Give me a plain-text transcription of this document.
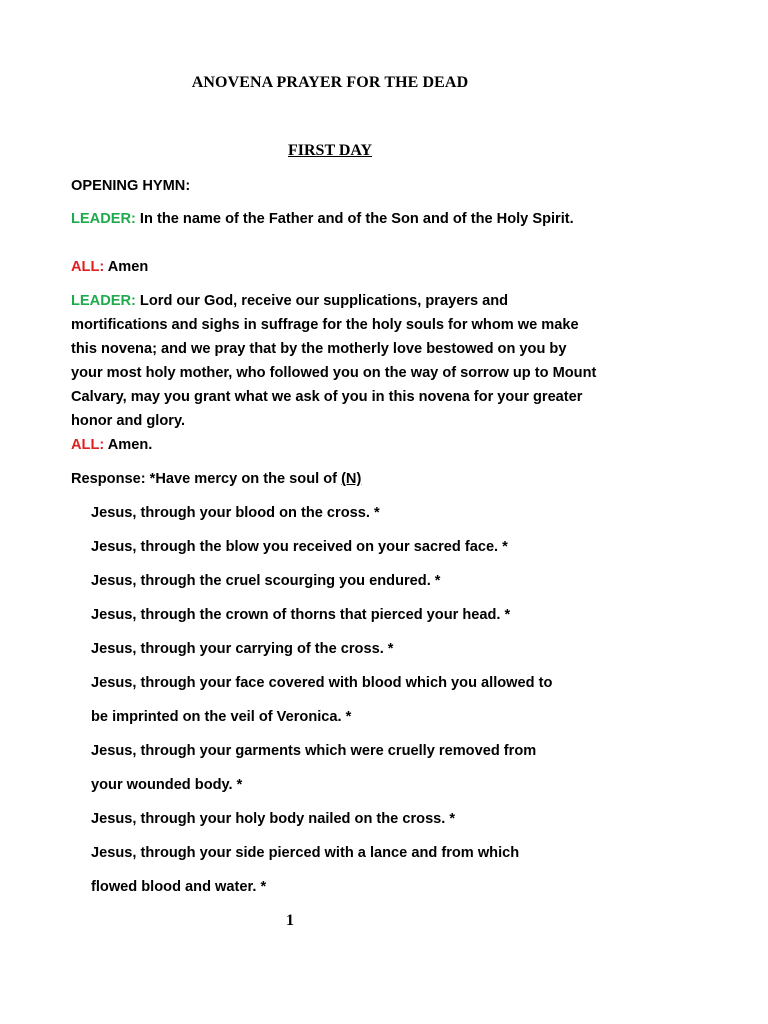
ANOVENA PRAYER FOR THE DEAD
FIRST DAY
OPENING HYMN:
LEADER: In the name of the Father and of the Son and of the Holy Spirit.
ALL: Amen
LEADER: Lord our God, receive our supplications, prayers and mortifications and sighs in suffrage for the holy souls for whom we make this novena; and we pray that by the motherly love bestowed on you by your most holy mother, who followed you on the way of sorrow up to Mount Calvary, may you grant what we ask of you in this novena for your greater honor and glory.
ALL: Amen.
Response: *Have mercy on the soul of (N)
Jesus, through your blood on the cross. *
Jesus, through the blow you received on your sacred face. *
Jesus, through the cruel scourging you endured. *
Jesus, through the crown of thorns that pierced your head. *
Jesus, through your carrying of the cross. *
Jesus, through your face covered with blood which you allowed to
be imprinted on the veil of Veronica. *
Jesus, through your garments which were cruelly removed from
your wounded body. *
Jesus, through your holy body nailed on the cross. *
Jesus, through your side pierced with a lance and from which
flowed blood and water. *
1
